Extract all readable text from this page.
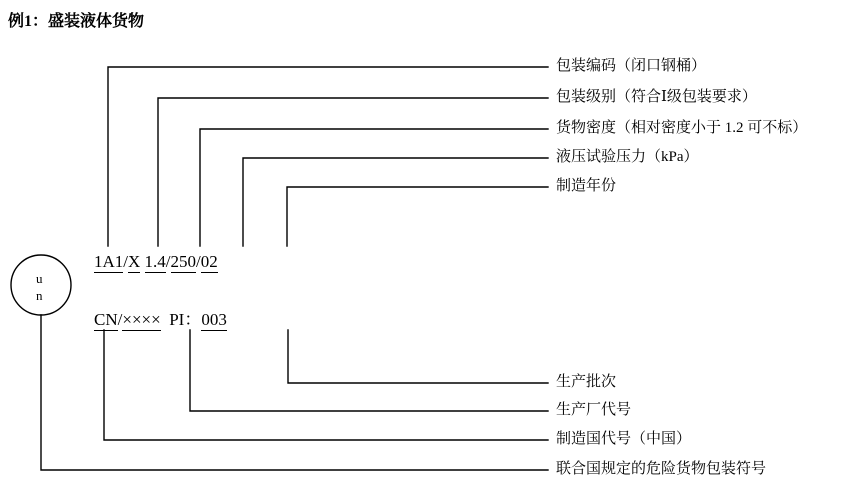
例1：盛装液体货物
u
n
1A1/X 1.4/250/02
CN/×××× PI：003
包装编码（闭口钢桶）
包装级别（符合Ⅰ级包装要求）
货物密度（相对密度小于 1.2 可不标）
液压试验压力（kPa）
制造年份
生产批次
生产厂代号
制造国代号（中国）
联合国规定的危险货物包装符号
